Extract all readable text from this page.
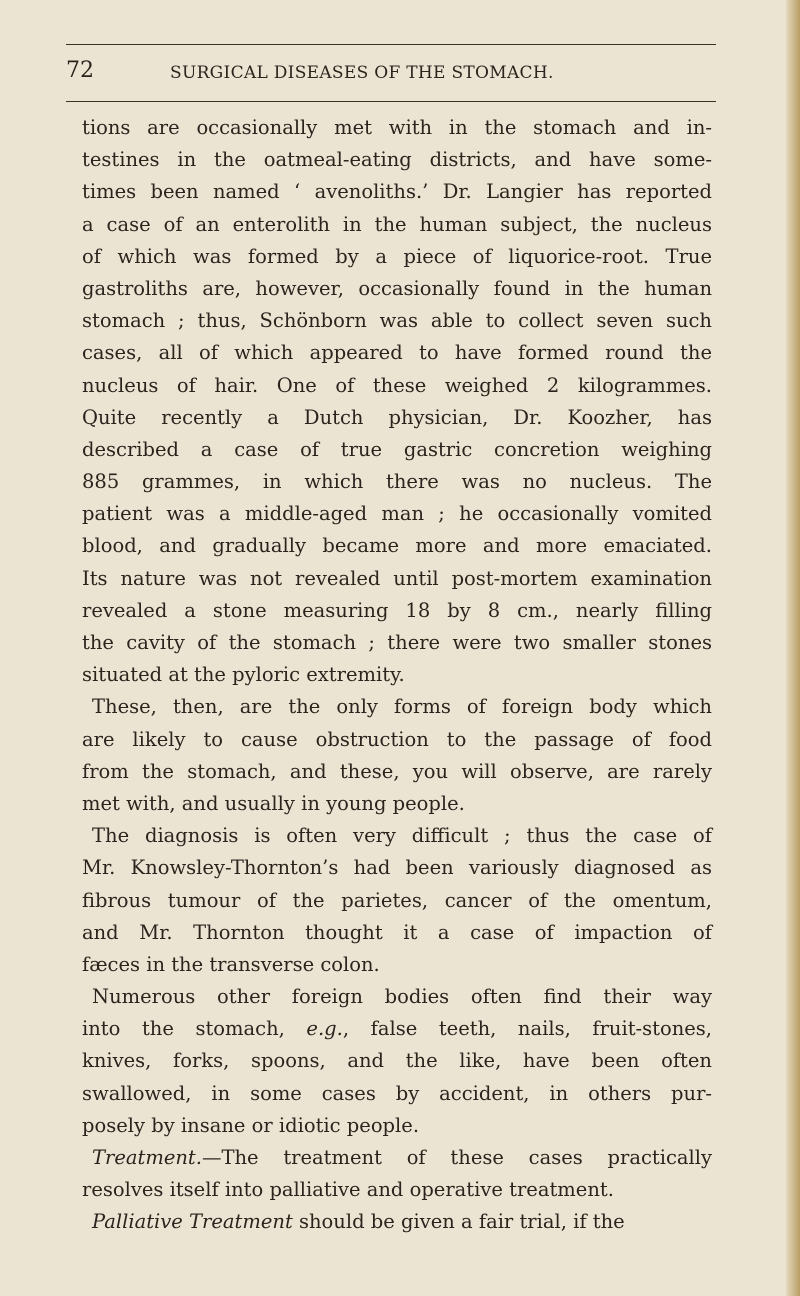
72	SURGICAL DISEASES OF THE STOMACH.
tions are occasionally met with in the stomach and in-
testines in the oatmeal-eating districts, and have some-
times been named ‘ avenoliths.’ Dr. Langier has reported
a case of an enterolith in the human subject, the nucleus
of which was formed by a piece of liquorice-root. True
gastroliths are, however, occasionally found in the human
stomach ; thus, Schönborn was able to collect seven such
cases, all of which appeared to have formed round the
nucleus of hair. One of these weighed 2 kilogrammes.
Quite recently a Dutch physician, Dr. Koozher, has
described a case of true gastric concretion weighing
885 grammes, in which there was no nucleus. The
patient was a middle-aged man ; he occasionally vomited
blood, and gradually became more and more emaciated.
Its nature was not revealed until post-mortem examination
revealed a stone measuring 18 by 8 cm., nearly filling
the cavity of the stomach ; there were two smaller stones
situated at the pyloric extremity.
These, then, are the only forms of foreign body which
are likely to cause obstruction to the passage of food
from the stomach, and these, you will observe, are rarely
met with, and usually in young people.
The diagnosis is often very difficult ; thus the case of
Mr. Knowsley-Thornton’s had been variously diagnosed as
fibrous tumour of the parietes, cancer of the omentum,
and Mr. Thornton thought it a case of impaction of
fæces in the transverse colon.
Numerous other foreign bodies often find their way
into the stomach, e.g., false teeth, nails, fruit-stones,
knives, forks, spoons, and the like, have been often
swallowed, in some cases by accident, in others pur-
posely by insane or idiotic people.
Treatment.—The treatment of these cases practically
resolves itself into palliative and operative treatment.
Palliative Treatment should be given a fair trial, if the
